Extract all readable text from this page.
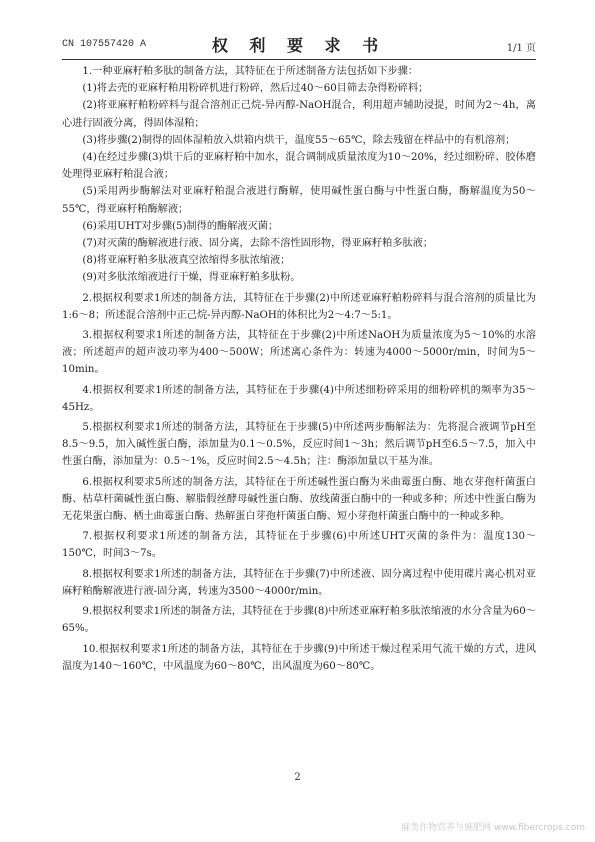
CN 107557420 A	权 利 要 求 书	1/1 页

1.一种亚麻籽粕多肽的制备方法，其特征在于所述制备方法包括如下步骤：

(1)将去壳的亚麻籽粕用粉碎机进行粉碎，然后过40～60目筛去杂得粉碎料；

(2)将亚麻籽粕粉碎料与混合溶剂正己烷-异丙醇-NaOH混合，利用超声辅助浸提，时间为2～4h，离心进行固液分离，得固体湿粕；

(3)将步骤(2)制得的固体湿粕放入烘箱内烘干，温度55～65℃，除去残留在样品中的有机溶剂；

(4)在经过步骤(3)烘干后的亚麻籽粕中加水，混合调制成质量浓度为10～20%，经过细粉碎、胶体磨处理得亚麻籽粕混合液；

(5)采用两步酶解法对亚麻籽粕混合液进行酶解，使用碱性蛋白酶与中性蛋白酶，酶解温度为50～55℃，得亚麻籽粕酶解液；

(6)采用UHT对步骤(5)制得的酶解液灭菌；

(7)对灭菌的酶解液进行液、固分离，去除不溶性固形物，得亚麻籽粕多肽液；

(8)将亚麻籽粕多肽液真空浓缩得多肽浓缩液；

(9)对多肽浓缩液进行干燥，得亚麻籽粕多肽粉。

2.根据权利要求1所述的制备方法，其特征在于步骤(2)中所述亚麻籽粕粉碎料与混合溶剂的质量比为1:6～8；所述混合溶剂中正己烷-异丙醇-NaOH的体积比为2～4:7～5:1。

3.根据权利要求1所述的制备方法，其特征在于步骤(2)中所述NaOH为质量浓度为5～10%的水溶液；所述超声的超声波功率为400～500W；所述离心条件为：转速为4000～5000r/min，时间为5～10min。

4.根据权利要求1所述的制备方法，其特征在于步骤(4)中所述细粉碎采用的细粉碎机的频率为35～45Hz。

5.根据权利要求1所述的制备方法，其特征在于步骤(5)中所述两步酶解法为：先将混合液调节pH至8.5～9.5，加入碱性蛋白酶，添加量为0.1～0.5%，反应时间1～3h；然后调节pH至6.5～7.5，加入中性蛋白酶，添加量为：0.5～1%，反应时间2.5～4.5h；注：酶添加量以干基为准。

6.根据权利要求5所述的制备方法，其特征在于所述碱性蛋白酶为米曲霉蛋白酶、地衣芽孢杆菌蛋白酶、枯草杆菌碱性蛋白酶、解脂假丝酵母碱性蛋白酶、放线菌蛋白酶中的一种或多种；所述中性蛋白酶为无花果蛋白酶、栖土曲霉蛋白酶、热解蛋白芽孢杆菌蛋白酶、短小芽孢杆菌蛋白酶中的一种或多种。

7.根据权利要求1所述的制备方法，其特征在于步骤(6)中所述UHT灭菌的条件为：温度130～150℃，时间3～7s。

8.根据权利要求1所述的制备方法，其特征在于步骤(7)中所述液、固分离过程中使用碟片离心机对亚麻籽粕酶解液进行液-固分离，转速为3500～4000r/min。

9.根据权利要求1所述的制备方法，其特征在于步骤(8)中所述亚麻籽粕多肽浓缩液的水分含量为60～65%。

10.根据权利要求1所述的制备方法，其特征在于步骤(9)中所述干燥过程采用气流干燥的方式，进风温度为140～160℃，中风温度为60～80℃，出风温度为60～80℃。

2
麻类作物营养与施肥网 www.fibercrops.com
